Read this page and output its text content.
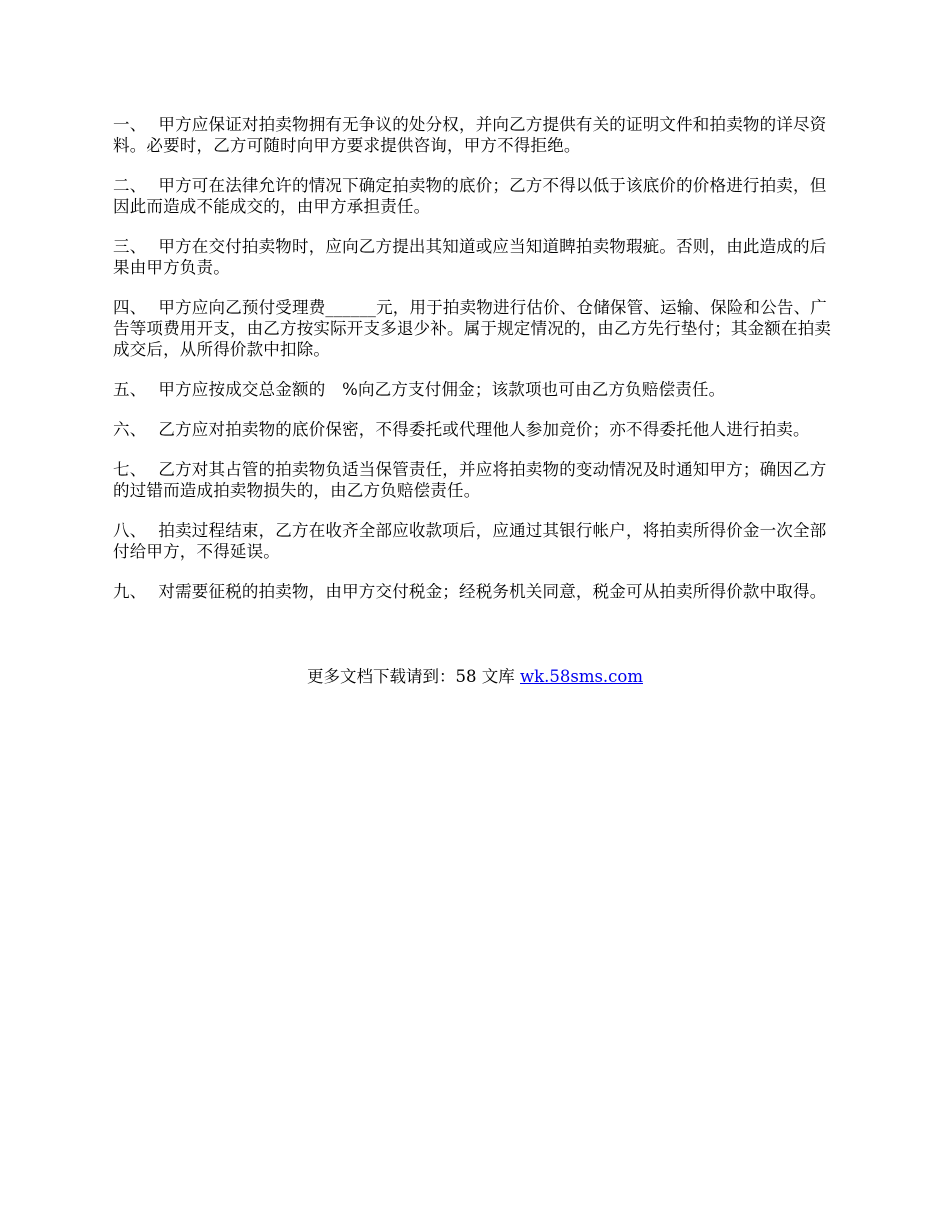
一、 甲方应保证对拍卖物拥有无争议的处分权，并向乙方提供有关的证明文件和拍卖物的详尽资料。必要时，乙方可随时向甲方要求提供咨询，甲方不得拒绝。

二、 甲方可在法律允许的情况下确定拍卖物的底价；乙方不得以低于该底价的价格进行拍卖，但因此而造成不能成交的，由甲方承担责任。

三、 甲方在交付拍卖物时，应向乙方提出其知道或应当知道睥拍卖物瑕疵。否则，由此造成的后果由甲方负责。

四、 甲方应向乙预付受理费______元，用于拍卖物进行估价、仓储保管、运输、保险和公告、广告等项费用开支，由乙方按实际开支多退少补。属于规定情况的，由乙方先行垫付；其金额在拍卖成交后，从所得价款中扣除。

五、 甲方应按成交总金额的　%向乙方支付佣金；该款项也可由乙方负赔偿责任。

六、 乙方应对拍卖物的底价保密，不得委托或代理他人参加竞价；亦不得委托他人进行拍卖。

七、 乙方对其占管的拍卖物负适当保管责任，并应将拍卖物的变动情况及时通知甲方；确因乙方的过错而造成拍卖物损失的，由乙方负赔偿责任。

八、 拍卖过程结束，乙方在收齐全部应收款项后，应通过其银行帐户，将拍卖所得价金一次全部付给甲方，不得延误。

九、 对需要征税的拍卖物，由甲方交付税金；经税务机关同意，税金可从拍卖所得价款中取得。

更多文档下载请到：58 文库 wk.58sms.com
